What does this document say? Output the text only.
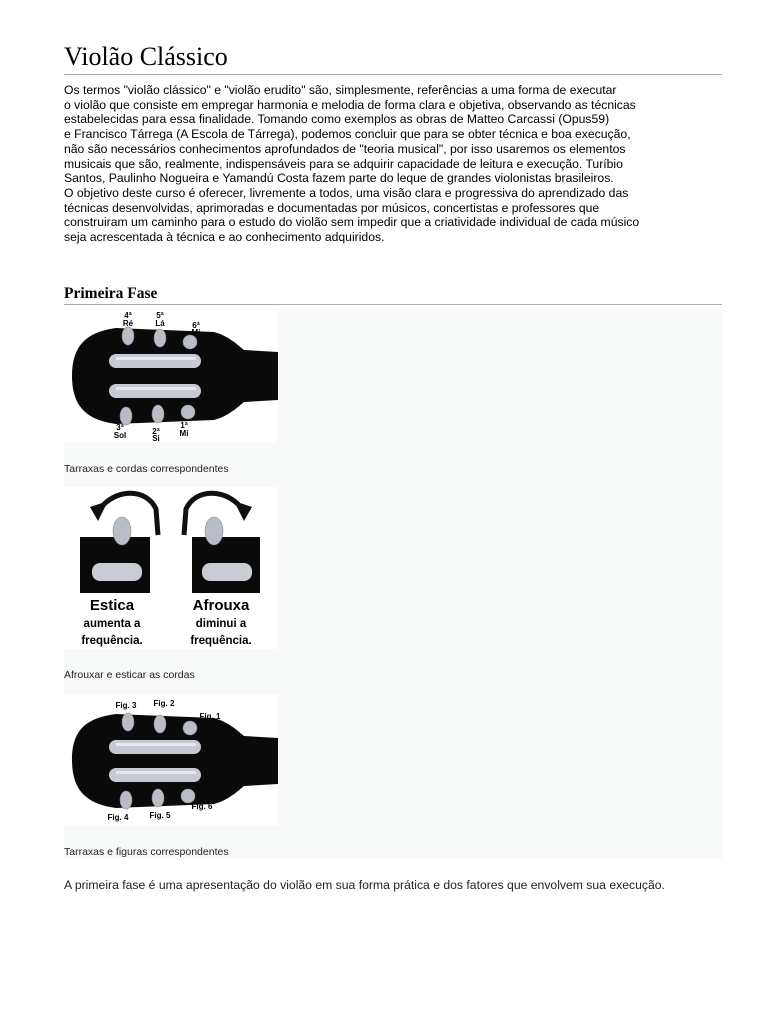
Violão Clássico
Os termos "violão clássico" e "violão erudito" são, simplesmente, referências a uma forma de executar
o violão que consiste em empregar harmonia e melodia de forma clara e objetiva, observando as técnicas
estabelecidas para essa finalidade. Tomando como exemplos as obras de Matteo Carcassi (Opus59)
e Francisco Tárrega (A Escola de Tárrega), podemos concluir que para se obter técnica e boa execução,
não são necessários conhecimentos aprofundados de "teoria musical", por isso usaremos os elementos
musicais que são, realmente, indispensáveis para se adquirir capacidade de leitura e execução. Turíbio
Santos, Paulinho Nogueira e Yamandú Costa fazem parte do leque de grandes violonistas brasileiros.
O objetivo deste curso é oferecer, livremente a todos, uma visão clara e progressiva do aprendizado das
técnicas desenvolvidas, aprimoradas e documentadas por músicos, concertistas e professores que
construiram um caminho para o estudo do violão sem impedir que a criatividade individual de cada músico
seja acrescentada à técnica e ao conhecimento adquiridos.
Primeira Fase
4ª
Ré
5ª
Lá	6ª
Mi
3ª
Sol	2ª
Si
1ª
Mi
Tarraxas e cordas correspondentes
Estica
aumenta a
frequência.
Afrouxa
diminui a
frequência.
Afrouxar e esticar as cordas
Fig. 3 Fig. 2
Fig. 1
Fig. 4	Fig. 5
Fig. 6
Tarraxas e figuras correspondentes
A primeira fase é uma apresentação do violão em sua forma prática e dos fatores que envolvem sua execução.
